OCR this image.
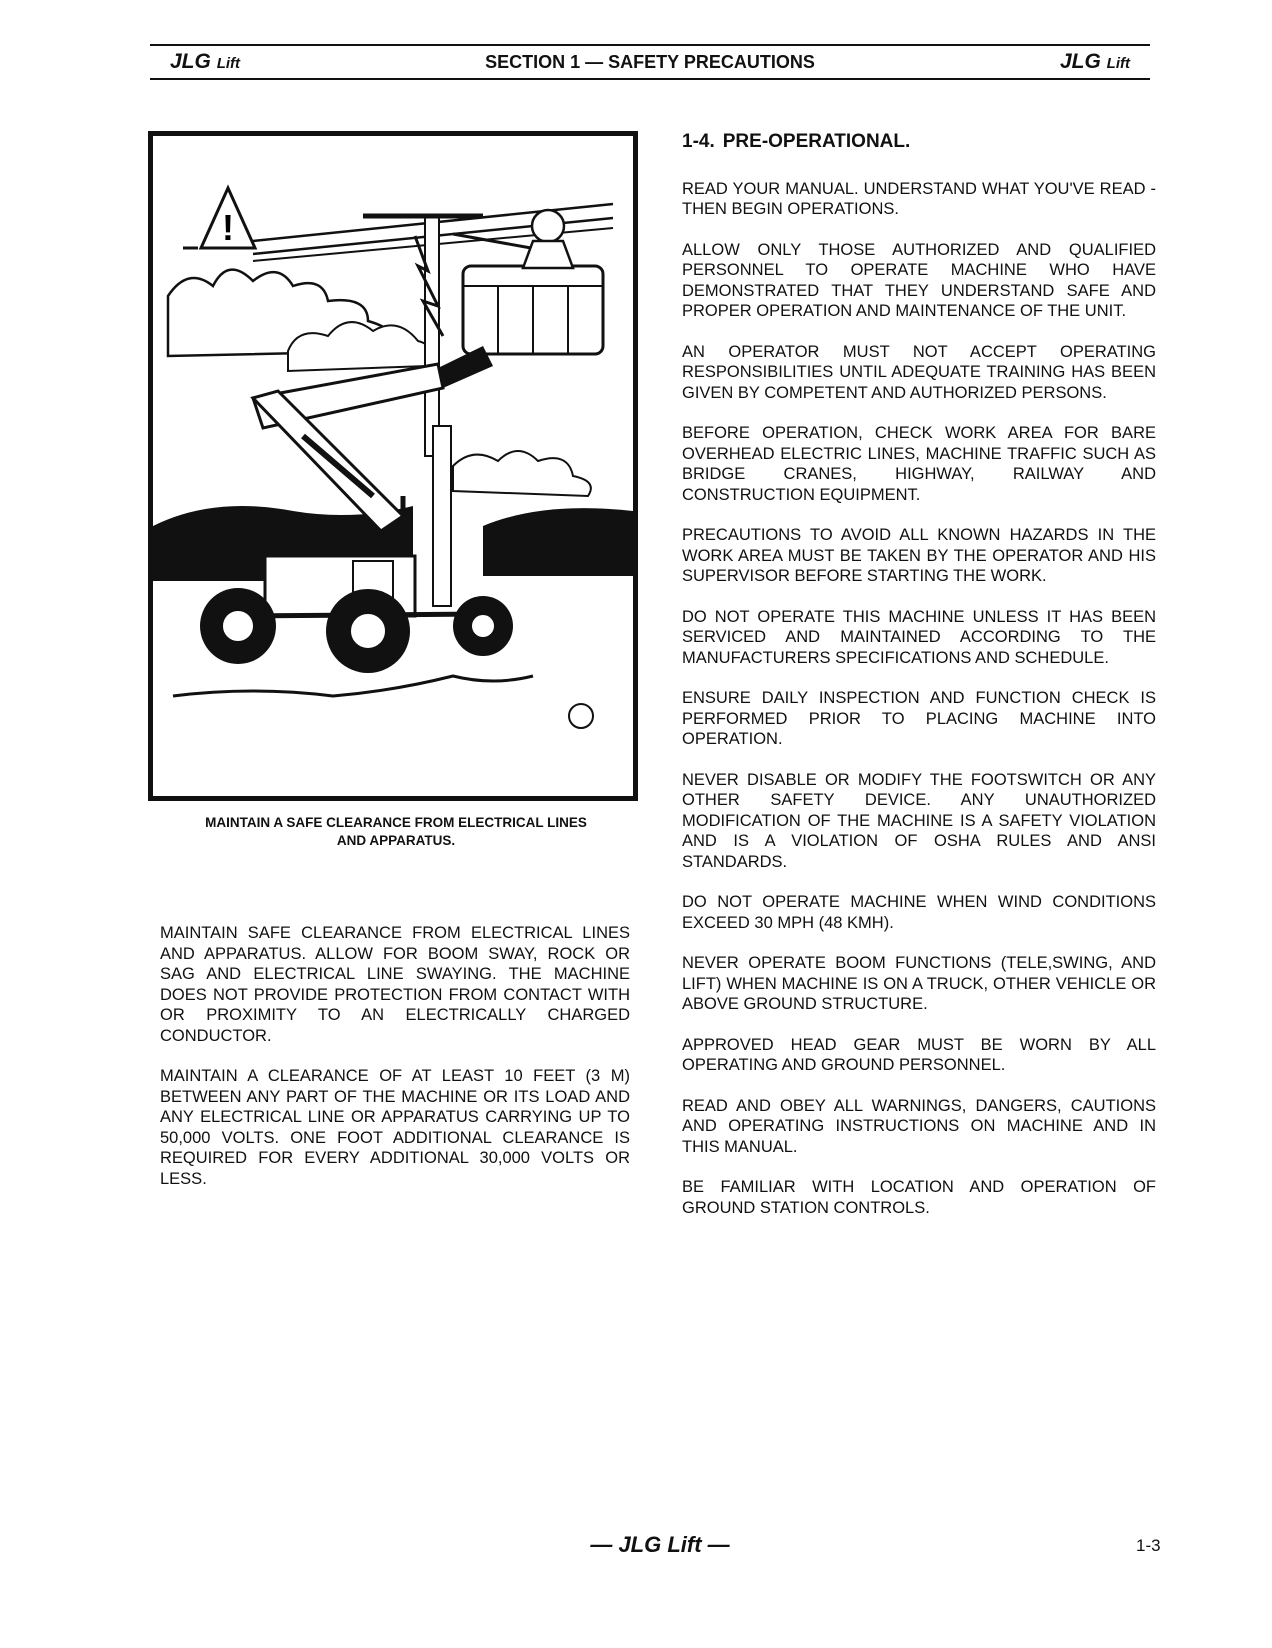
JLG Lift	SECTION 1 — SAFETY PRECAUTIONS	JLG Lift
!
MAINTAIN A SAFE CLEARANCE FROM ELECTRICAL LINES
AND APPARATUS.

MAINTAIN SAFE CLEARANCE FROM ELECTRICAL LINES AND APPARATUS. ALLOW FOR BOOM SWAY, ROCK OR SAG AND ELECTRICAL LINE SWAYING. THE MACHINE DOES NOT PROVIDE PROTECTION FROM CONTACT WITH OR PROXIMITY TO AN ELECTRICALLY CHARGED CONDUCTOR.

MAINTAIN A CLEARANCE OF AT LEAST 10 FEET (3 M) BETWEEN ANY PART OF THE MACHINE OR ITS LOAD AND ANY ELECTRICAL LINE OR APPARATUS CARRYING UP TO 50,000 VOLTS. ONE FOOT ADDITIONAL CLEARANCE IS REQUIRED FOR EVERY ADDITIONAL 30,000 VOLTS OR LESS.

1-4. PRE-OPERATIONAL.

READ YOUR MANUAL. UNDERSTAND WHAT YOU'VE READ - THEN BEGIN OPERATIONS.

ALLOW ONLY THOSE AUTHORIZED AND QUALIFIED PERSONNEL TO OPERATE MACHINE WHO HAVE DEMONSTRATED THAT THEY UNDERSTAND SAFE AND PROPER OPERATION AND MAINTENANCE OF THE UNIT.

AN OPERATOR MUST NOT ACCEPT OPERATING RESPONSIBILITIES UNTIL ADEQUATE TRAINING HAS BEEN GIVEN BY COMPETENT AND AUTHORIZED PERSONS.

BEFORE OPERATION, CHECK WORK AREA FOR BARE OVERHEAD ELECTRIC LINES, MACHINE TRAFFIC SUCH AS BRIDGE CRANES, HIGHWAY, RAILWAY AND CONSTRUCTION EQUIPMENT.

PRECAUTIONS TO AVOID ALL KNOWN HAZARDS IN THE WORK AREA MUST BE TAKEN BY THE OPERATOR AND HIS SUPERVISOR BEFORE STARTING THE WORK.

DO NOT OPERATE THIS MACHINE UNLESS IT HAS BEEN SERVICED AND MAINTAINED ACCORDING TO THE MANUFACTURERS SPECIFICATIONS AND SCHEDULE.

ENSURE DAILY INSPECTION AND FUNCTION CHECK IS PERFORMED PRIOR TO PLACING MACHINE INTO OPERATION.

NEVER DISABLE OR MODIFY THE FOOTSWITCH OR ANY OTHER SAFETY DEVICE. ANY UNAUTHORIZED MODIFICATION OF THE MACHINE IS A SAFETY VIOLATION AND IS A VIOLATION OF OSHA RULES AND ANSI STANDARDS.

DO NOT OPERATE MACHINE WHEN WIND CONDITIONS EXCEED 30 MPH (48 KMH).

NEVER OPERATE BOOM FUNCTIONS (TELE,SWING, AND LIFT) WHEN MACHINE IS ON A TRUCK, OTHER VEHICLE OR ABOVE GROUND STRUCTURE.

APPROVED HEAD GEAR MUST BE WORN BY ALL OPERATING AND GROUND PERSONNEL.

READ AND OBEY ALL WARNINGS, DANGERS, CAUTIONS AND OPERATING INSTRUCTIONS ON MACHINE AND IN THIS MANUAL.

BE FAMILIAR WITH LOCATION AND OPERATION OF GROUND STATION CONTROLS.

— JLG Lift —	1-3
